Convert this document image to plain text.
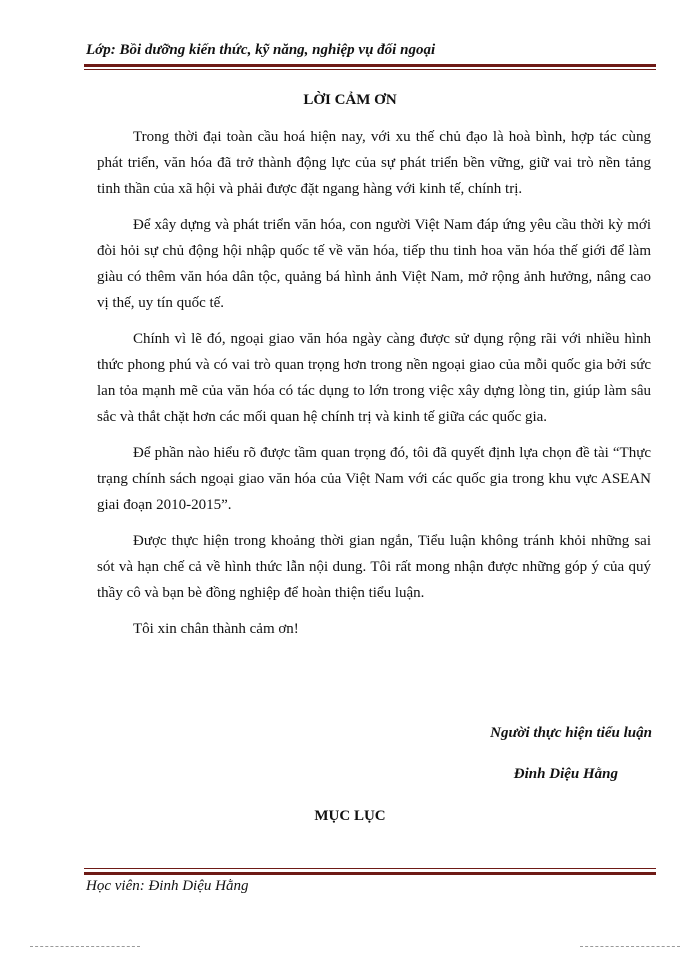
Lớp: Bồi dưỡng kiến thức, kỹ năng, nghiệp vụ đối ngoại
LỜI CẢM ƠN

Trong thời đại toàn cầu hoá hiện nay, với xu thế chủ đạo là hoà bình, hợp tác cùng phát triển, văn hóa đã trở thành động lực của sự phát triển bền vững, giữ vai trò nền tảng tinh thần của xã hội và phải được đặt ngang hàng với kinh tế, chính trị.

Để xây dựng và phát triển văn hóa, con người Việt Nam đáp ứng yêu cầu thời kỳ mới đòi hỏi sự chủ động hội nhập quốc tế về văn hóa, tiếp thu tinh hoa văn hóa thế giới để làm giàu có thêm văn hóa dân tộc, quảng bá hình ảnh Việt Nam, mở rộng ảnh hưởng, nâng cao vị thế, uy tín quốc tế.

Chính vì lẽ đó, ngoại giao văn hóa ngày càng được sử dụng rộng rãi với nhiều hình thức phong phú và có vai trò quan trọng hơn trong nền ngoại giao của mỗi quốc gia bởi sức lan tỏa mạnh mẽ của văn hóa có tác dụng to lớn trong việc xây dựng lòng tin, giúp làm sâu sắc và thắt chặt hơn các mối quan hệ chính trị và kinh tế giữa các quốc gia.

Để phần nào hiểu rõ được tầm quan trọng đó, tôi đã quyết định lựa chọn đề tài “Thực trạng chính sách ngoại giao văn hóa của Việt Nam với các quốc gia trong khu vực ASEAN giai đoạn 2010-2015”.

Được thực hiện trong khoảng thời gian ngắn, Tiểu luận không tránh khỏi những sai sót và hạn chế cả về hình thức lẫn nội dung. Tôi rất mong nhận được những góp ý của quý thầy cô và bạn bè đồng nghiệp để hoàn thiện tiểu luận.

Tôi xin chân thành cảm ơn!

Người thực hiện tiểu luận
Đinh Diệu Hằng
MỤC LỤC
Học viên: Đinh Diệu Hằng
